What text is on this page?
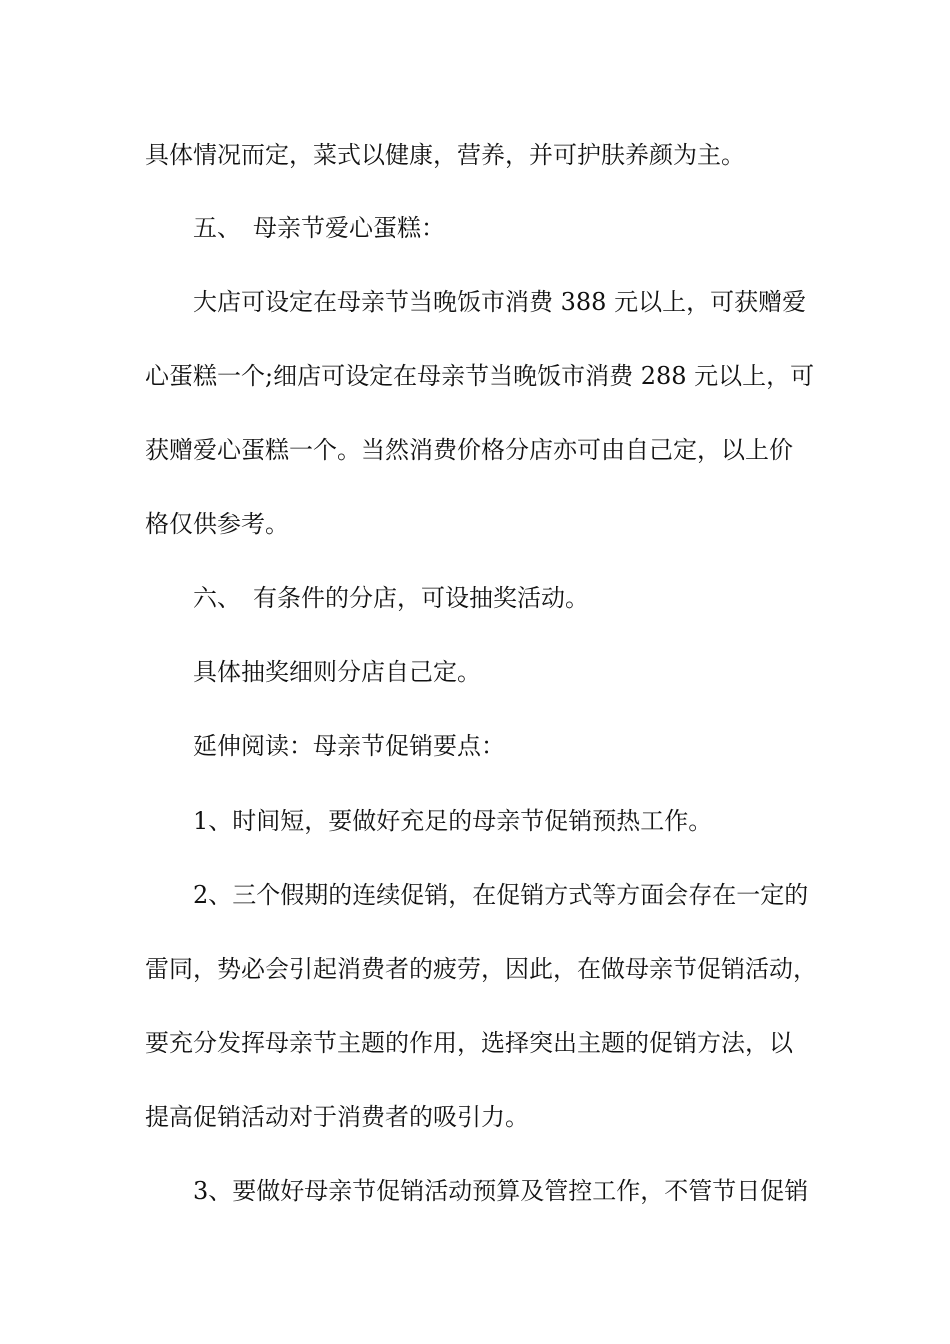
具体情况而定，菜式以健康，营养，并可护肤养颜为主。
五、 母亲节爱心蛋糕：
大店可设定在母亲节当晚饭市消费 388 元以上，可获赠爱
心蛋糕一个;细店可设定在母亲节当晚饭市消费 288 元以上，可
获赠爱心蛋糕一个。当然消费价格分店亦可由自己定，以上价
格仅供参考。
六、 有条件的分店，可设抽奖活动。
具体抽奖细则分店自己定。
延伸阅读：母亲节促销要点：
1、时间短，要做好充足的母亲节促销预热工作。
2、三个假期的连续促销，在促销方式等方面会存在一定的
雷同，势必会引起消费者的疲劳，因此，在做母亲节促销活动，
要充分发挥母亲节主题的作用，选择突出主题的促销方法，以
提高促销活动对于消费者的吸引力。
3、要做好母亲节促销活动预算及管控工作，不管节日促销
